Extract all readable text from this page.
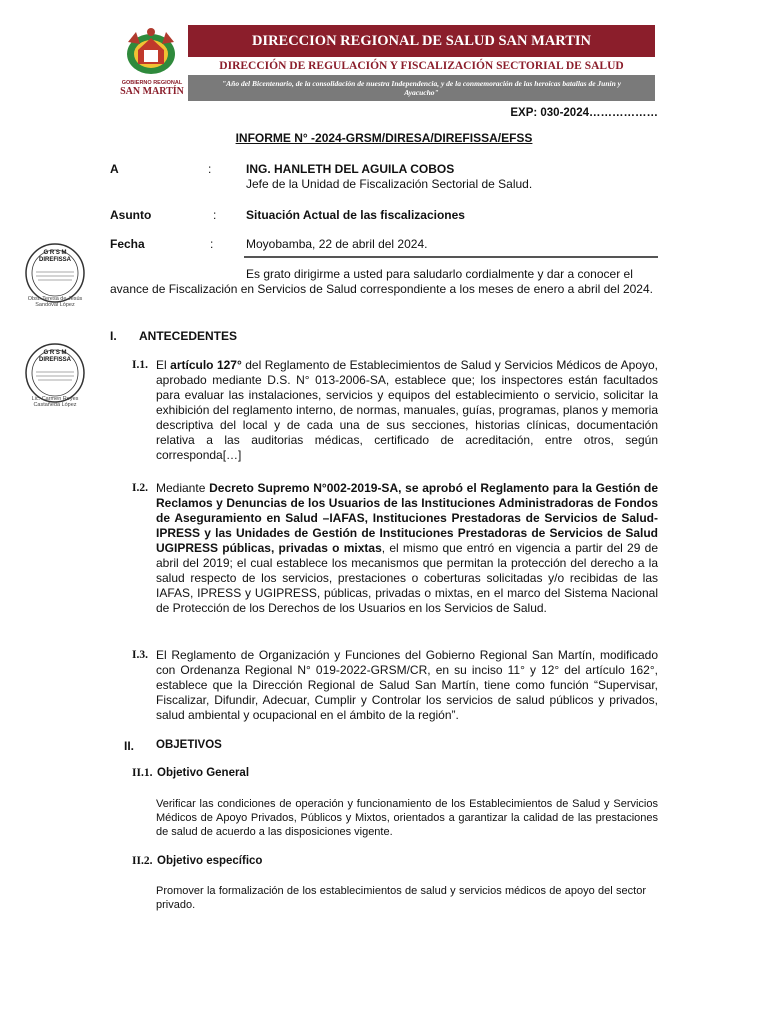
GOBIERNO REGIONAL
SAN MARTÍN
DIRECCION REGIONAL DE SALUD SAN MARTIN
DIRECCIÓN DE REGULACIÓN Y FISCALIZACIÓN SECTORIAL DE SALUD
"Año del Bicentenario, de la consolidación de nuestra Independencia, y de la conmemoración de las heroicas batallas de Junín y Ayacucho"
EXP: 030-2024………………
INFORME N° -2024-GRSM/DIRESA/DIREFISSA/EFSS
A	:	ING. HANLETH DEL AGUILA COBOS
Jefe de la Unidad de Fiscalización Sectorial de Salud.
Asunto	: Situación Actual de las fiscalizaciones
Fecha	:	Moyobamba, 22 de abril del 2024.
Es grato dirigirme a usted para saludarlo cordialmente y dar a conocer el
avance de Fiscalización en Servicios de Salud correspondiente a los meses de enero a abril del 2024.
G R S M
DIREFISSA
Obst. Teresa de Jesús Sandoval López
G R S M
DIREFISSA
Lic. Carmen Reyes Castañeda López
I. ANTECEDENTES
I.1. El artículo 127° del Reglamento de Establecimientos de Salud y Servicios Médicos de Apoyo, aprobado mediante D.S. N° 013-2006-SA, establece que; los inspectores están facultados para evaluar las instalaciones, servicios y equipos del establecimiento o servicio, solicitar la exhibición del reglamento interno, de normas, manuales, guías, programas, planos y memoria descriptiva del local y de cada una de sus secciones, historias clínicas, documentación relativa a las auditorias médicas, certificado de acreditación, entre otros, según corresponda[…]
I.2. Mediante Decreto Supremo N°002-2019-SA, se aprobó el Reglamento para la Gestión de Reclamos y Denuncias de los Usuarios de las Instituciones Administradoras de Fondos de Aseguramiento en Salud –IAFAS, Instituciones Prestadoras de Servicios de Salud-IPRESS y las Unidades de Gestión de Instituciones Prestadoras de Servicios de Salud UGIPRESS públicas, privadas o mixtas, el mismo que entró en vigencia a partir del 29 de abril del 2019; el cual establece los mecanismos que permitan la protección del derecho a la salud respecto de los servicios, prestaciones o coberturas solicitadas y/o recibidas de las IAFAS, IPRESS y UGIPRESS, públicas, privadas o mixtas, en el marco del Sistema Nacional de Protección de los Derechos de los Usuarios en los Servicios de Salud.
I.3. El Reglamento de Organización y Funciones del Gobierno Regional San Martín, modificado con Ordenanza Regional N° 019-2022-GRSM/CR, en su inciso 11° y 12° del artículo 162°, establece que la Dirección Regional de Salud San Martín, tiene como función “Supervisar, Fiscalizar, Difundir, Adecuar, Cumplir y Controlar los servicios de salud públicos y privados, salud ambiental y ocupacional en el ámbito de la región”.
II. OBJETIVOS
II.1. Objetivo General
Verificar las condiciones de operación y funcionamiento de los Establecimientos de Salud y Servicios Médicos de Apoyo Privados, Públicos y Mixtos, orientados a garantizar la calidad de las prestaciones de salud de acuerdo a las disposiciones vigente.
II.2. Objetivo específico
Promover la formalización de los establecimientos de salud y servicios médicos de apoyo del sector privado.
